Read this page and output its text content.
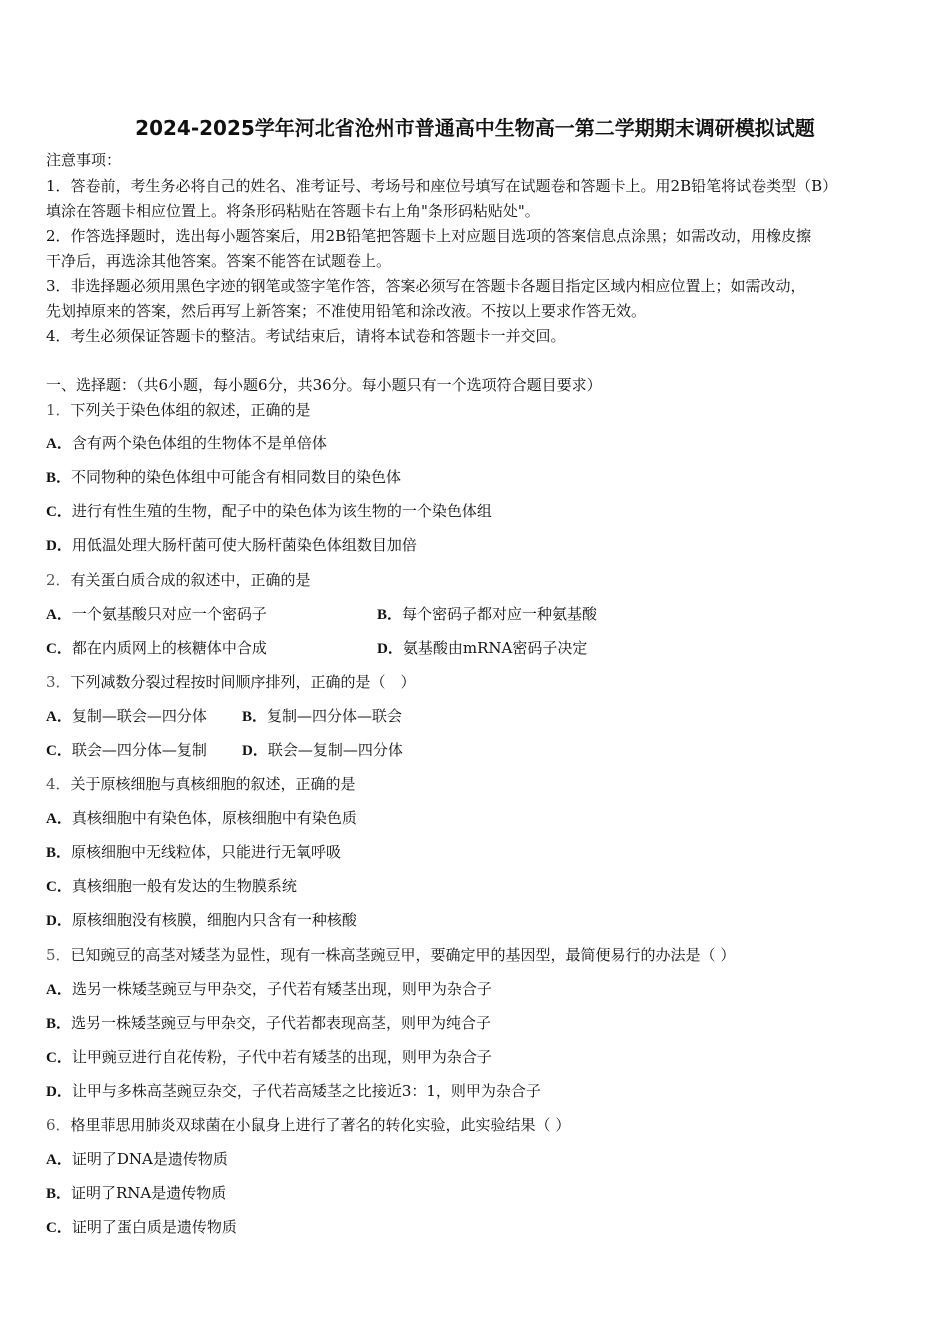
2024-2025学年河北省沧州市普通高中生物高一第二学期期末调研模拟试题
注意事项：
1．答卷前，考生务必将自己的姓名、准考证号、考场号和座位号填写在试题卷和答题卡上。用2B铅笔将试卷类型（B）
填涂在答题卡相应位置上。将条形码粘贴在答题卡右上角"条形码粘贴处"。
2．作答选择题时，选出每小题答案后，用2B铅笔把答题卡上对应题目选项的答案信息点涂黑；如需改动，用橡皮擦
干净后，再选涂其他答案。答案不能答在试题卷上。
3．非选择题必须用黑色字迹的钢笔或签字笔作答，答案必须写在答题卡各题目指定区域内相应位置上；如需改动，
先划掉原来的答案，然后再写上新答案；不准使用铅笔和涂改液。不按以上要求作答无效。
4．考生必须保证答题卡的整洁。考试结束后，请将本试卷和答题卡一并交回。
一、选择题：（共6小题，每小题6分，共36分。每小题只有一个选项符合题目要求）
1．下列关于染色体组的叙述，正确的是
A．含有两个染色体组的生物体不是单倍体
B．不同物种的染色体组中可能含有相同数目的染色体
C．进行有性生殖的生物，配子中的染色体为该生物的一个染色体组
D．用低温处理大肠杆菌可使大肠杆菌染色体组数目加倍
2．有关蛋白质合成的叙述中，正确的是
A．一个氨基酸只对应一个密码子	B．每个密码子都对应一种氨基酸
C．都在内质网上的核糖体中合成	D．氨基酸由mRNA密码子决定
3．下列减数分裂过程按时间顺序排列，正确的是（　）
A．复制—联会—四分体 B．复制—四分体—联会
C．联会—四分体—复制 D．联会—复制—四分体
4．关于原核细胞与真核细胞的叙述，正确的是
A．真核细胞中有染色体，原核细胞中有染色质
B．原核细胞中无线粒体，只能进行无氧呼吸
C．真核细胞一般有发达的生物膜系统
D．原核细胞没有核膜，细胞内只含有一种核酸
5．已知豌豆的高茎对矮茎为显性，现有一株高茎豌豆甲，要确定甲的基因型，最简便易行的办法是（ ）
A．选另一株矮茎豌豆与甲杂交，子代若有矮茎出现，则甲为杂合子
B．选另一株矮茎豌豆与甲杂交，子代若都表现高茎，则甲为纯合子
C．让甲豌豆进行自花传粉，子代中若有矮茎的出现，则甲为杂合子
D．让甲与多株高茎豌豆杂交，子代若高矮茎之比接近3：1，则甲为杂合子
6．格里菲思用肺炎双球菌在小鼠身上进行了著名的转化实验，此实验结果（ ）
A．证明了DNA是遗传物质
B．证明了RNA是遗传物质
C．证明了蛋白质是遗传物质
